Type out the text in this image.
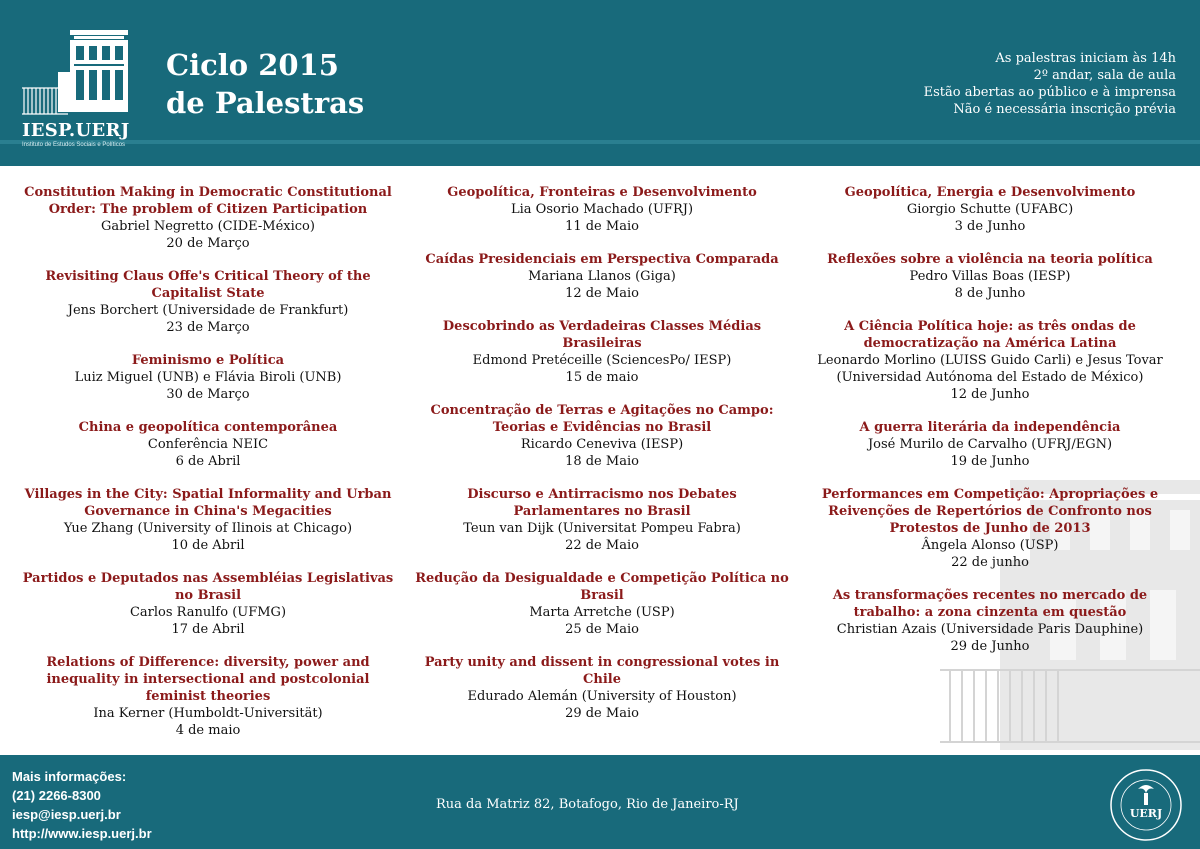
IESP.UERJ
Instituto de Estudos Sociais e Políticos
Ciclo 2015
de Palestras
As palestras iniciam às 14h
2º andar, sala de aula
Estão abertas ao público e à imprensa
Não é necessária inscrição prévia
Constitution Making in Democratic Constitutional Order: The problem of Citizen Participation
Gabriel Negretto (CIDE-México)
20 de Março
Revisiting Claus Offe's Critical Theory of the Capitalist State
Jens Borchert (Universidade de Frankfurt)
23 de Março
Feminismo e Política
Luiz Miguel (UNB) e Flávia Biroli (UNB)
30 de Março
China e geopolítica contemporânea
Conferência NEIC
6 de Abril
Villages in the City: Spatial Informality and Urban Governance in China's Megacities
Yue Zhang (University of Ilinois at Chicago)
10 de Abril
Partidos e Deputados nas Assembléias Legislativas no Brasil
Carlos Ranulfo (UFMG)
17 de Abril
Relations of Difference: diversity, power and inequality in intersectional and postcolonial feminist theories
Ina Kerner (Humboldt-Universität)
4 de maio
Geopolítica, Fronteiras e Desenvolvimento
Lia Osorio Machado (UFRJ)
11 de Maio
Caídas Presidenciais em Perspectiva Comparada
Mariana Llanos (Giga)
12 de Maio
Descobrindo as Verdadeiras Classes Médias Brasileiras
Edmond Pretéceille (SciencesPo/ IESP)
15 de maio
Concentração de Terras e Agitações no Campo: Teorias e Evidências no Brasil
Ricardo Ceneviva (IESP)
18 de Maio
Discurso e Antirracismo nos Debates Parlamentares no Brasil
Teun van Dijk (Universitat Pompeu Fabra)
22 de Maio
Redução da Desigualdade e Competição Política no Brasil
Marta Arretche (USP)
25 de Maio
Party unity and dissent in congressional votes in Chile
Edurado Alemán (University of Houston)
29 de Maio
Geopolítica, Energia e Desenvolvimento
Giorgio Schutte (UFABC)
3 de Junho
Reflexões sobre a violência na teoria política
Pedro Villas Boas (IESP)
8 de Junho
A Ciência Política hoje: as três ondas de democratização na América Latina
Leonardo Morlino (LUISS Guido Carli) e Jesus Tovar (Universidad Autónoma del Estado de México)
12 de Junho
A guerra literária da independência
José Murilo de Carvalho (UFRJ/EGN)
19 de Junho
Performances em Competição: Apropriações e Reivenções de Repertórios de Confronto nos Protestos de Junho de 2013
Ângela Alonso (USP)
22 de junho
As transformações recentes no mercado de trabalho: a zona cinzenta em questão
Christian Azais (Universidade Paris Dauphine)
29 de Junho
Mais informações:
(21) 2266-8300
iesp@iesp.uerj.br
http://www.iesp.uerj.br
Rua da Matriz 82, Botafogo, Rio de Janeiro-RJ
UERJ
